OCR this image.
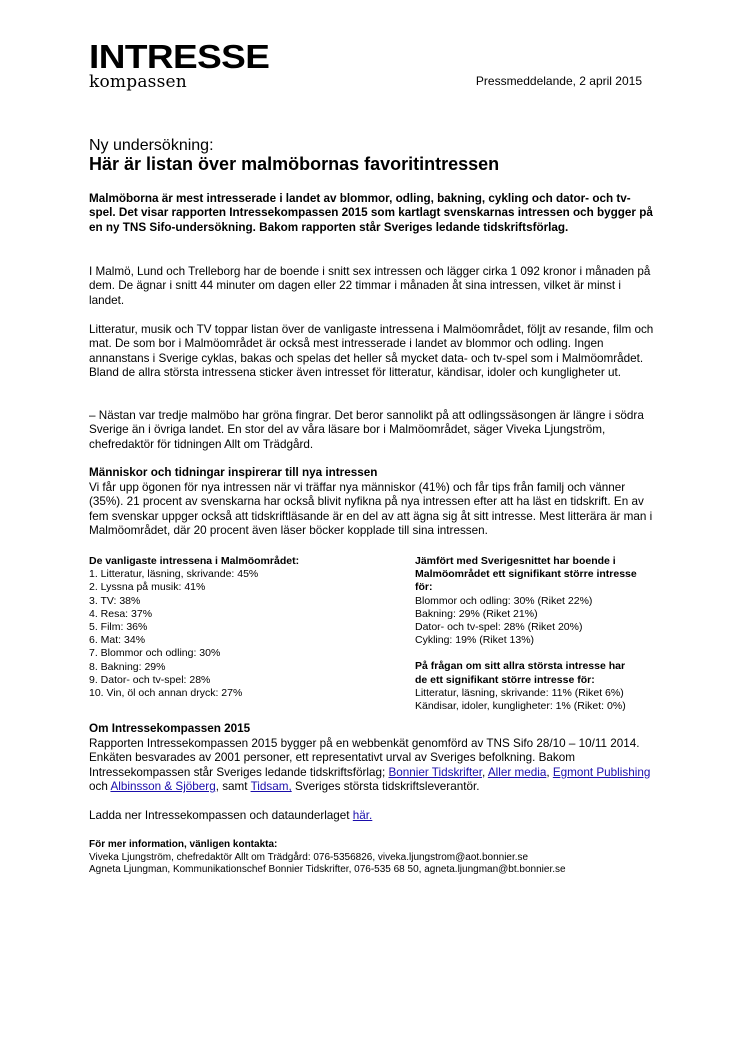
INTRESSE
kompassen	Pressmeddelande, 2 april 2015
Ny undersökning:
Här är listan över malmöbornas favoritintressen
Malmöborna är mest intresserade i landet av blommor, odling, bakning, cykling och dator- och tv-spel. Det visar rapporten Intressekompassen 2015 som kartlagt svenskarnas intressen och bygger på en ny TNS Sifo-undersökning. Bakom rapporten står Sveriges ledande tidskriftsförlag.
I Malmö, Lund och Trelleborg har de boende i snitt sex intressen och lägger cirka 1 092 kronor i månaden på dem. De ägnar i snitt 44 minuter om dagen eller 22 timmar i månaden åt sina intressen, vilket är minst i landet.
Litteratur, musik och TV toppar listan över de vanligaste intressena i Malmöområdet, följt av resande, film och mat. De som bor i Malmöområdet är också mest intresserade i landet av blommor och odling. Ingen annanstans i Sverige cyklas, bakas och spelas det heller så mycket data- och tv-spel som i Malmöområdet. Bland de allra största intressena sticker även intresset för litteratur, kändisar, idoler och kungligheter ut.
– Nästan var tredje malmöbo har gröna fingrar. Det beror sannolikt på att odlingssäsongen är längre i södra Sverige än i övriga landet. En stor del av våra läsare bor i Malmöområdet, säger Viveka Ljungström, chefredaktör för tidningen Allt om Trädgård.
Människor och tidningar inspirerar till nya intressen
Vi får upp ögonen för nya intressen när vi träffar nya människor (41%) och får tips från familj och vänner (35%). 21 procent av svenskarna har också blivit nyfikna på nya intressen efter att ha läst en tidskrift. En av fem svenskar uppger också att tidskriftläsande är en del av att ägna sig åt sitt intresse. Mest litterära är man i Malmöområdet, där 20 procent även läser böcker kopplade till sina intressen.
De vanligaste intressena i Malmöområdet:
1. Litteratur, läsning, skrivande: 45%
2. Lyssna på musik: 41%
3. TV: 38%
4. Resa: 37%
5. Film: 36%
6. Mat: 34%
7. Blommor och odling: 30%
8. Bakning: 29%
9. Dator- och tv-spel: 28%
10. Vin, öl och annan dryck: 27%
Jämfört med Sverigesnittet har boende i
Malmöområdet ett signifikant större intresse
för:
Blommor och odling: 30% (Riket 22%)
Bakning: 29% (Riket 21%)
Dator- och tv-spel: 28% (Riket 20%)
Cykling: 19% (Riket 13%)
På frågan om sitt allra största intresse har
de ett signifikant större intresse för:
Litteratur, läsning, skrivande: 11% (Riket 6%)
Kändisar, idoler, kungligheter: 1% (Riket: 0%)
Om Intressekompassen 2015
Rapporten Intressekompassen 2015 bygger på en webbenkät genomförd av TNS Sifo 28/10 – 10/11 2014. Enkäten besvarades av 2001 personer, ett representativt urval av Sveriges befolkning. Bakom Intressekompassen står Sveriges ledande tidskriftsförlag; Bonnier Tidskrifter, Aller media, Egmont Publishing och Albinsson & Sjöberg, samt Tidsam, Sveriges största tidskriftsleverantör.
Ladda ner Intressekompassen och dataunderlaget här.
För mer information, vänligen kontakta:
Viveka Ljungström, chefredaktör Allt om Trädgård: 076-5356826, viveka.ljungstrom@aot.bonnier.se
Agneta Ljungman, Kommunikationschef Bonnier Tidskrifter, 076-535 68 50, agneta.ljungman@bt.bonnier.se
